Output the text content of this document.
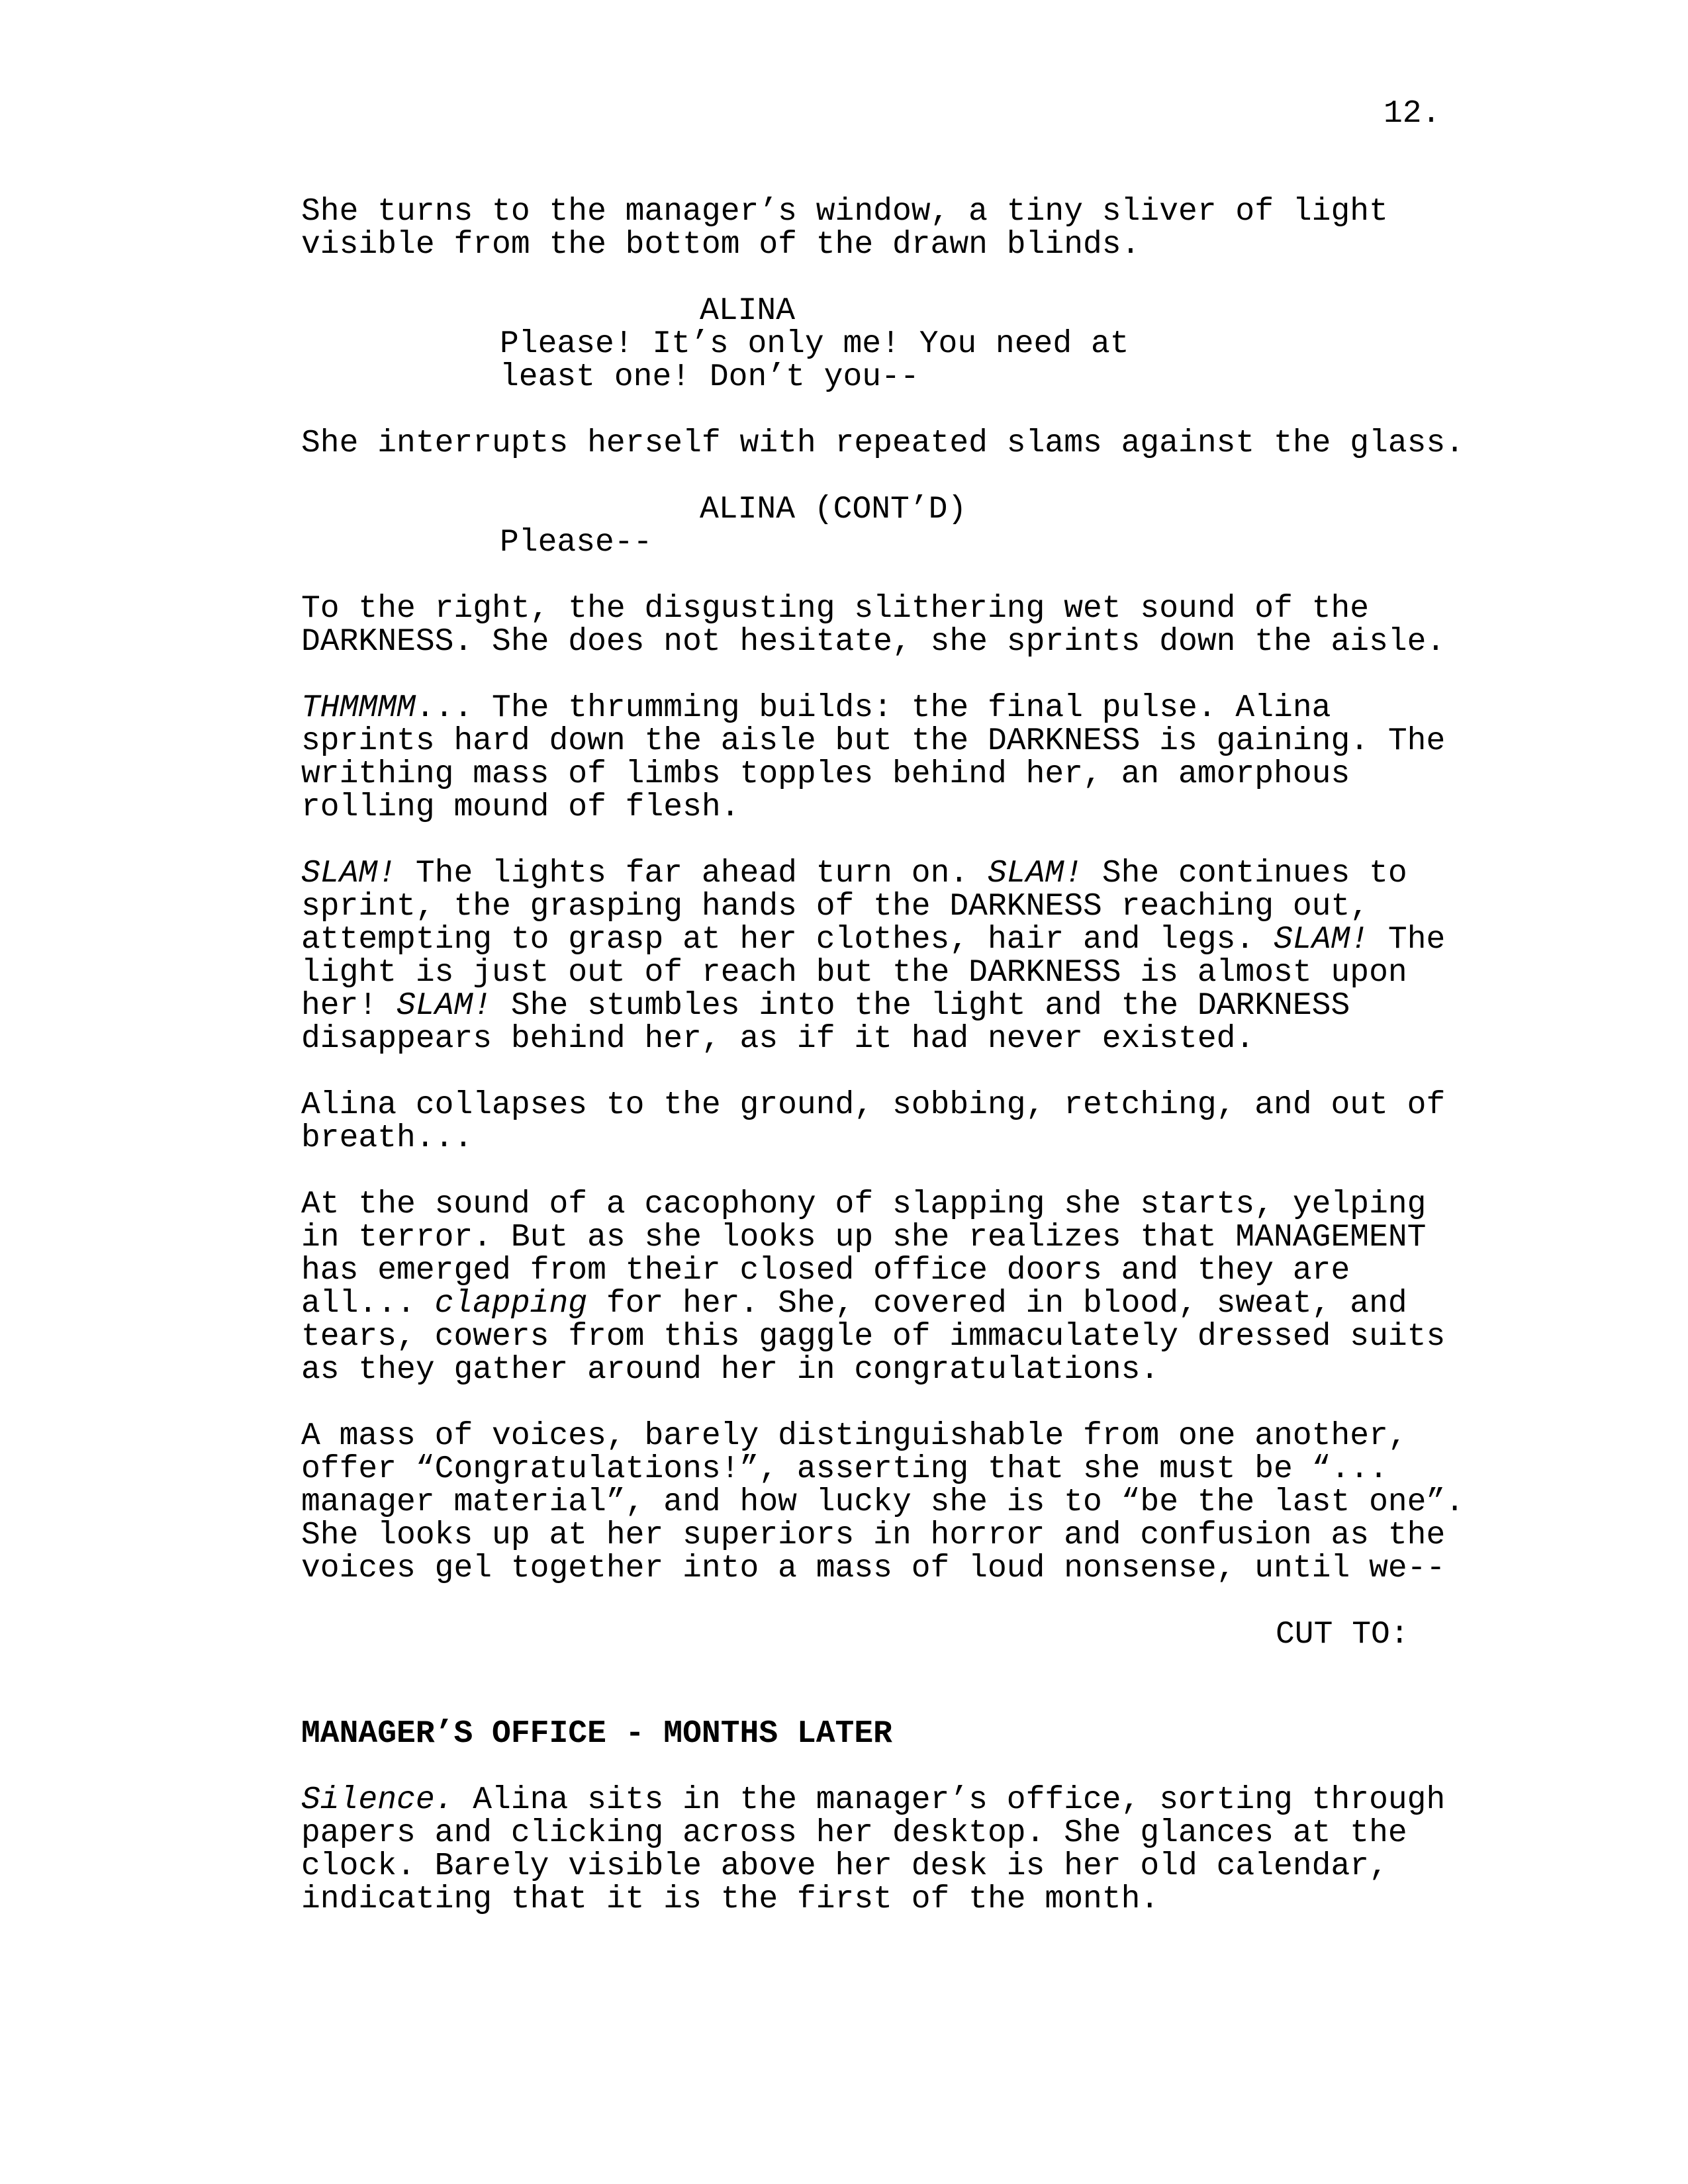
12.
She turns to the manager’s window, a tiny sliver of light
visible from the bottom of the drawn blinds.
ALINA
Please! It’s only me! You need at
least one! Don’t you--
She interrupts herself with repeated slams against the glass.
ALINA (CONT’D)
Please--
To the right, the disgusting slithering wet sound of the
DARKNESS. She does not hesitate, she sprints down the aisle.
THMMMM... The thrumming builds: the final pulse. Alina
sprints hard down the aisle but the DARKNESS is gaining. The
writhing mass of limbs topples behind her, an amorphous
rolling mound of flesh.
SLAM! The lights far ahead turn on. SLAM! She continues to
sprint, the grasping hands of the DARKNESS reaching out,
attempting to grasp at her clothes, hair and legs. SLAM! The
light is just out of reach but the DARKNESS is almost upon
her! SLAM! She stumbles into the light and the DARKNESS
disappears behind her, as if it had never existed.
Alina collapses to the ground, sobbing, retching, and out of
breath...
At the sound of a cacophony of slapping she starts, yelping
in terror. But as she looks up she realizes that MANAGEMENT
has emerged from their closed office doors and they are
all... clapping for her. She, covered in blood, sweat, and
tears, cowers from this gaggle of immaculately dressed suits
as they gather around her in congratulations.
A mass of voices, barely distinguishable from one another,
offer “Congratulations!”, asserting that she must be “...
manager material”, and how lucky she is to “be the last one”.
She looks up at her superiors in horror and confusion as the
voices gel together into a mass of loud nonsense, until we--
CUT TO:
MANAGER’S OFFICE - MONTHS LATER
Silence. Alina sits in the manager’s office, sorting through
papers and clicking across her desktop. She glances at the
clock. Barely visible above her desk is her old calendar,
indicating that it is the first of the month.
